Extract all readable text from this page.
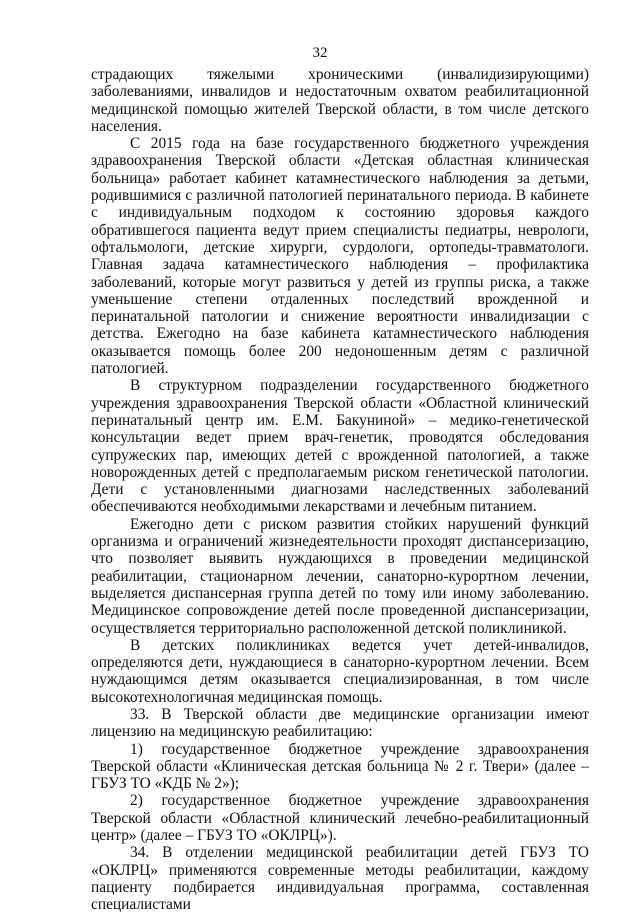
32

страдающих тяжелыми хроническими (инвалидизирующими) заболеваниями, инвалидов и недостаточным охватом реабилитационной медицинской помощью жителей Тверской области, в том числе детского населения.

С 2015 года на базе государственного бюджетного учреждения здравоохранения Тверской области «Детская областная клиническая больница» работает кабинет катамнестического наблюдения за детьми, родившимися с различной патологией перинатального периода. В кабинете с индивидуальным подходом к состоянию здоровья каждого обратившегося пациента ведут прием специалисты педиатры, неврологи, офтальмологи, детские хирурги, сурдологи, ортопеды-травматологи. Главная задача катамнестического наблюдения – профилактика заболеваний, которые могут развиться у детей из группы риска, а также уменьшение степени отдаленных последствий врожденной и перинатальной патологии и снижение вероятности инвалидизации с детства. Ежегодно на базе кабинета катамнестического наблюдения оказывается помощь более 200 недоношенным детям с различной патологией.

В структурном подразделении государственного бюджетного учреждения здравоохранения Тверской области «Областной клинический перинатальный центр им. Е.М. Бакуниной» – медико-генетической консультации ведет прием врач-генетик, проводятся обследования супружеских пар, имеющих детей с врожденной патологией, а также новорожденных детей с предполагаемым риском генетической патологии. Дети с установленными диагнозами наследственных заболеваний обеспечиваются необходимыми лекарствами и лечебным питанием.

Ежегодно дети с риском развития стойких нарушений функций организма и ограничений жизнедеятельности проходят диспансеризацию, что позволяет выявить нуждающихся в проведении медицинской реабилитации, стационарном лечении, санаторно-курортном лечении, выделяется диспансерная группа детей по тому или иному заболеванию. Медицинское сопровождение детей после проведенной диспансеризации, осуществляется территориально расположенной детской поликлиникой.

В детских поликлиниках ведется учет детей-инвалидов, определяются дети, нуждающиеся в санаторно-курортном лечении. Всем нуждающимся детям оказывается специализированная, в том числе высокотехнологичная медицинская помощь.

33. В Тверской области две медицинские организации имеют лицензию на медицинскую реабилитацию:

1) государственное бюджетное учреждение здравоохранения Тверской области «Клиническая детская больница № 2 г. Твери» (далее – ГБУЗ ТО «КДБ № 2»);

2) государственное бюджетное учреждение здравоохранения Тверской области «Областной клинический лечебно-реабилитационный центр» (далее – ГБУЗ ТО «ОКЛРЦ»).

34. В отделении медицинской реабилитации детей ГБУЗ ТО «ОКЛРЦ» применяются современные методы реабилитации, каждому пациенту подбирается индивидуальная программа, составленная специалистами
